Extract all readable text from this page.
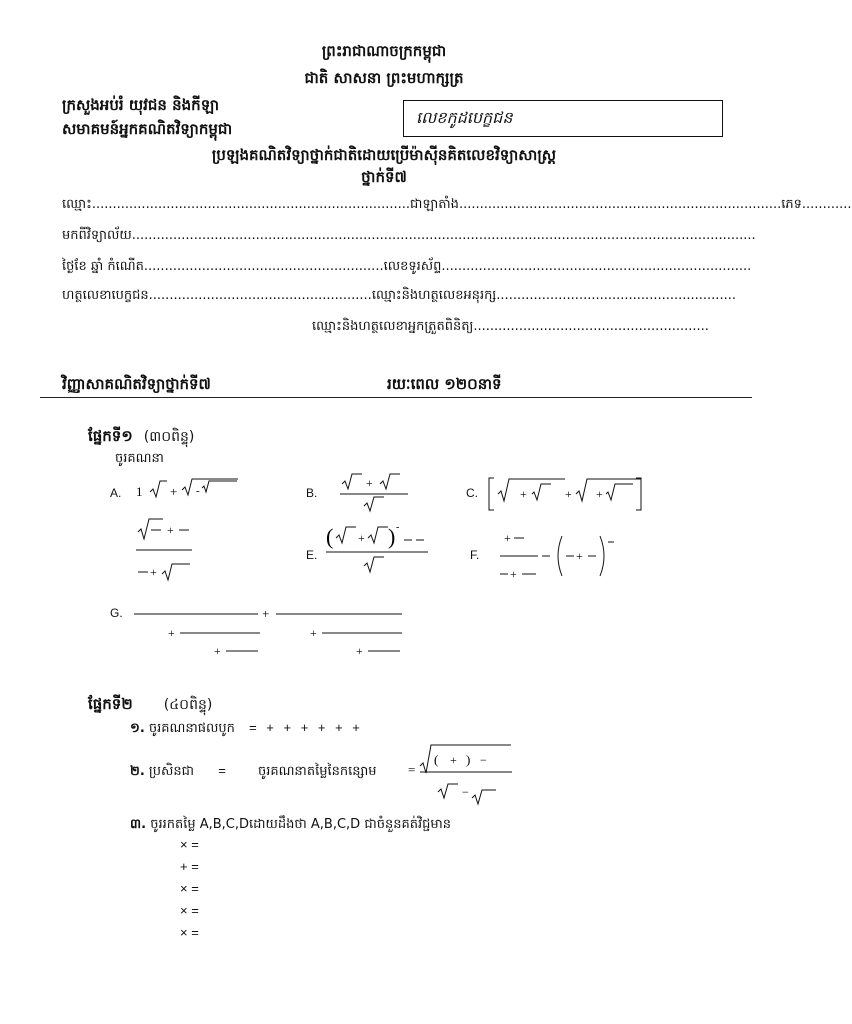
ព្រះរាជាណាចក្រកម្ពុជា
ជាតិ សាសនា ព្រះមហាក្សត្រ
ក្រសួងអប់រំ យុវជន និងកីឡា
សមាគមន៍អ្នកគណិតវិទ្យាកម្ពុជា
លេខកូដបេក្ខជន
ប្រឡងគណិតវិទ្យាថ្នាក់ជាតិដោយប្រើម៉ាស៊ីនគិតលេខវិទ្យាសាស្ត្រ
ថ្នាក់ទី៧
ឈ្មោះ.............................................................................ជាឡាតាំង..............................................................................ភេទ............
មកពីវិទ្យាល័យ.......................................................................................................................................................
ថ្ងៃខែ ឆ្នាំ កំណើត..........................................................លេខទូរស័ព្ទ...........................................................................
ហត្ថលេខាបេក្ខជន......................................................ឈ្មោះនិងហត្ថលេខអនុរក្ស..........................................................
ឈ្មោះនិងហត្ថលេខាអ្នកត្រួតពិនិត្យ.........................................................
វិញ្ញាសាគណិតវិទ្យាថ្នាក់ទី៧	រយៈពេល ១២០នាទី
ផ្នែកទី១ (៣០ពិន្ទុ)
ចូរគណនា
A. 1 + -	B.
+
C.	+	+ +
+
+
E.
( + ) -
F.
+
+
+
G.	+
+	+
+	+
ផ្នែកទី២ (៤០ពិន្ទុ)
១. ចូរគណនាផលបូក = + + + + + +
២. ប្រសិនជា = ចូរគណនាតម្លៃនៃកន្សោម =
( + ) −
−
៣. ចូររកតម្លៃ A,B,C,Dដោយដឹងថា A,B,C,D ជាចំនួនគត់វិជ្ជមាន
× =
+ =
× =
× =
× =
